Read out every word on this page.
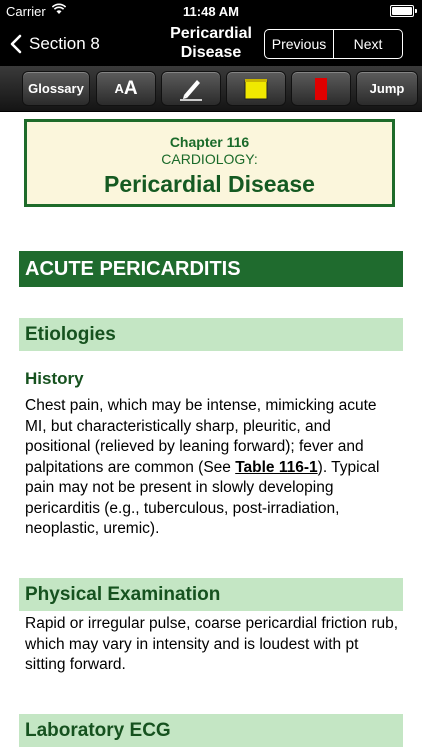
Carrier	11:48 AM
Section 8
Pericardial
Disease	Previous	Next
Glossary	A A	Jump
Chapter 116
CARDIOLOGY:
Pericardial Disease
ACUTE PERICARDITIS
Etiologies
History

Chest pain, which may be intense, mimicking acute MI, but characteristically sharp, pleuritic, and positional (relieved by leaning forward); fever and palpitations are common (See Table 116-1). Typical pain may not be present in slowly developing pericarditis (e.g., tuberculous, post-irradiation, neoplastic, uremic).

Physical Examination

Rapid or irregular pulse, coarse pericardial friction rub, which may vary in intensity and is loudest with pt sitting forward.

Laboratory ECG
